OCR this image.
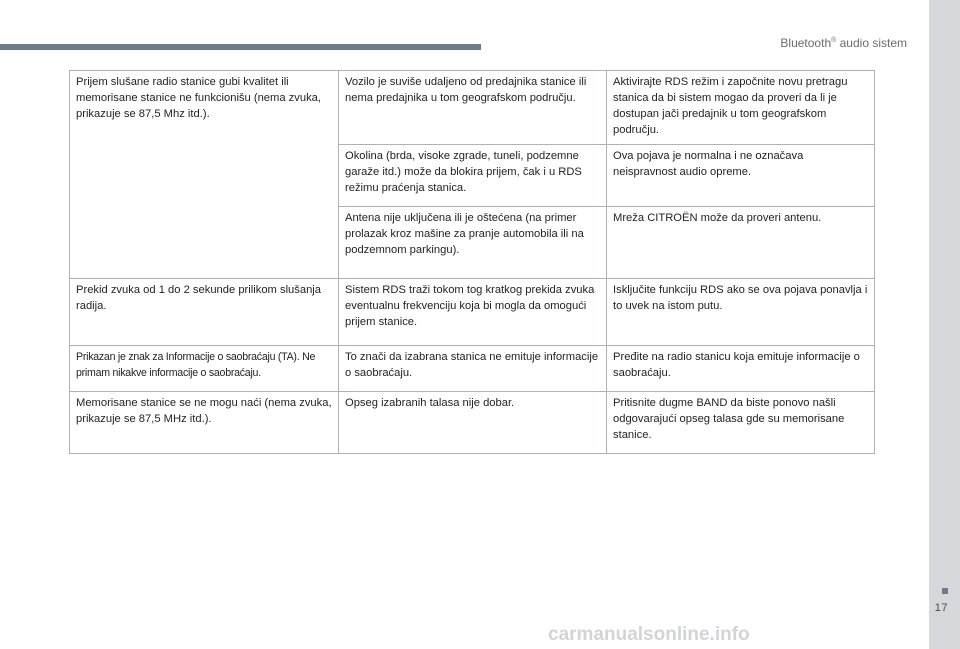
Bluetooth® audio sistem
17
Prijem slušane radio stanice gubi kvalitet ili memorisane stanice ne funkcionišu (nema zvuka, prikazuje se 87,5 Mhz itd.).	Vozilo je suviše udaljeno od predajnika stanice ili nema predajnika u tom geografskom području.	Aktivirajte RDS režim i započnite novu pretragu stanica da bi sistem mogao da proveri da li je dostupan jači predajnik u tom geografskom području.
	Okolina (brda, visoke zgrade, tuneli, podzemne garaže itd.) može da blokira prijem, čak i u RDS režimu praćenja stanica.	Ova pojava je normalna i ne označava neispravnost audio opreme.
	Antena nije uključena ili je oštećena (na primer prolazak kroz mašine za pranje automobila ili na podzemnom parkingu).	Mreža CITROËN može da proveri antenu.
Prekid zvuka od 1 do 2 sekunde prilikom slušanja radija.	Sistem RDS traži tokom tog kratkog prekida zvuka eventualnu frekvenciju koja bi mogla da omogući prijem stanice.	Isključite funkciju RDS ako se ova pojava ponavlja i to uvek na istom putu.
Prikazan je znak za Informacije o saobraćaju (TA). Ne primam nikakve informacije o saobraćaju.	To znači da izabrana stanica ne emituje informacije o saobraćaju.	Pređite na radio stanicu koja emituje informacije o saobraćaju.
Memorisane stanice se ne mogu naći (nema zvuka, prikazuje se 87,5 MHz itd.).	Opseg izabranih talasa nije dobar.	Pritisnite dugme BAND da biste ponovo našli odgovarajući opseg talasa gde su memorisane stanice.
carmanualsonline.info
